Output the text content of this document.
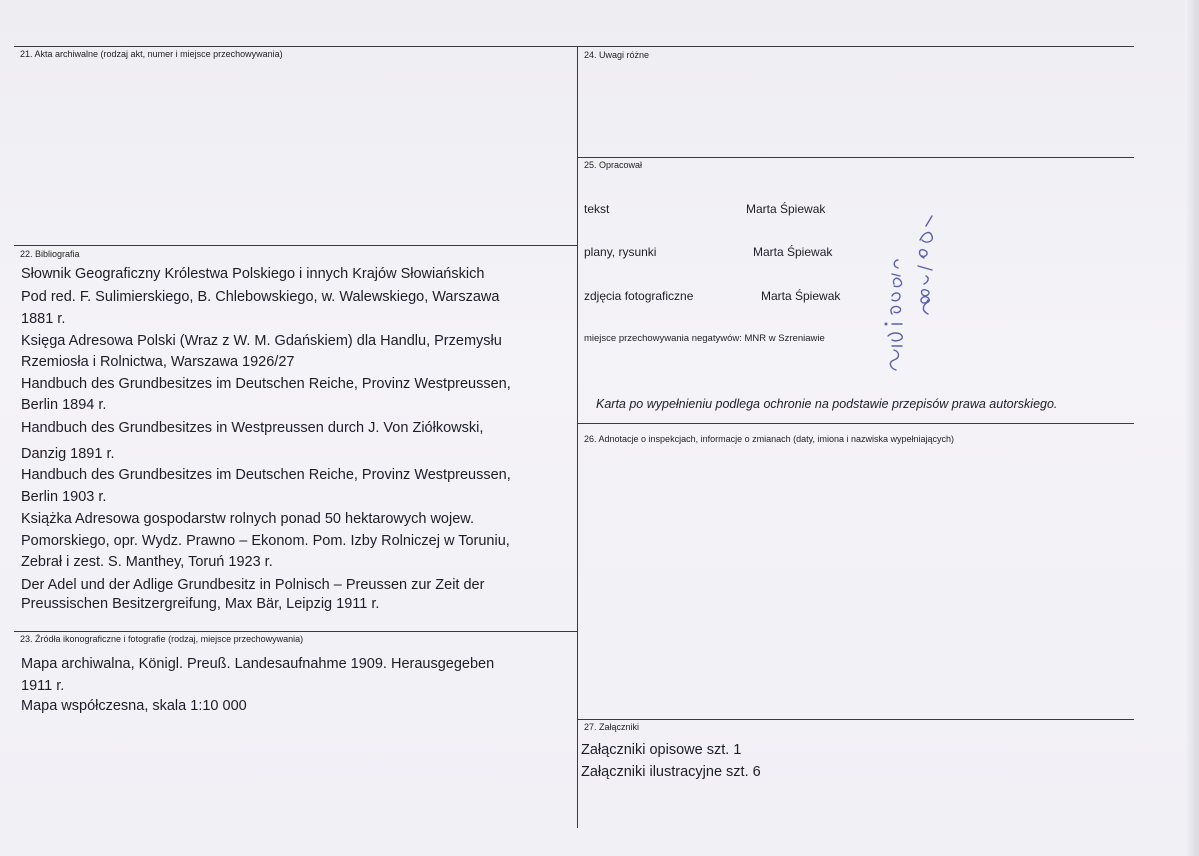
21. Akta archiwalne (rodzaj akt, numer i miejsce przechowywania)
22. Bibliografia
Słownik Geograficzny Królestwa Polskiego i innych Krajów Słowiańskich
Pod red. F. Sulimierskiego, B. Chlebowskiego, w. Walewskiego, Warszawa
1881 r.
Księga Adresowa Polski (Wraz z W. M. Gdańskiem) dla Handlu, Przemysłu
Rzemiosła i Rolnictwa, Warszawa 1926/27
Handbuch des Grundbesitzes im Deutschen Reiche, Provinz Westpreussen,
Berlin 1894 r.
Handbuch des Grundbesitzes in Westpreussen durch J. Von Ziółkowski,
Danzig 1891 r.
Handbuch des Grundbesitzes im Deutschen Reiche, Provinz Westpreussen,
Berlin 1903 r.
Książka Adresowa gospodarstw rolnych ponad 50 hektarowych wojew.
Pomorskiego, opr. Wydz. Prawno – Ekonom. Pom. Izby Rolniczej w Toruniu,
Zebrał i zest. S. Manthey, Toruń 1923 r.
Der Adel und der Adlige Grundbesitz in Polnisch – Preussen zur Zeit der
Preussischen Besitzergreifung, Max Bär, Leipzig 1911 r.
23. Źródła ikonograficzne i fotografie (rodzaj, miejsce przechowywania)
Mapa archiwalna, Königl. Preuß. Landesaufnahme 1909. Herausgegeben
1911 r.
Mapa współczesna, skala 1:10 000
24. Uwagi różne
25. Opracował
tekst	Marta Śpiewak
plany, rysunki	Marta Śpiewak
zdjęcia fotograficzne	Marta Śpiewak
miejsce przechowywania negatywów: MNR w Szreniawie
Karta po wypełnieniu podlega ochronie na podstawie przepisów prawa autorskiego.
26. Adnotacje o inspekcjach, informacje o zmianach (daty, imiona i nazwiska wypełniających)
27. Załączniki
Załączniki opisowe szt. 1
Załączniki ilustracyjne szt. 6
